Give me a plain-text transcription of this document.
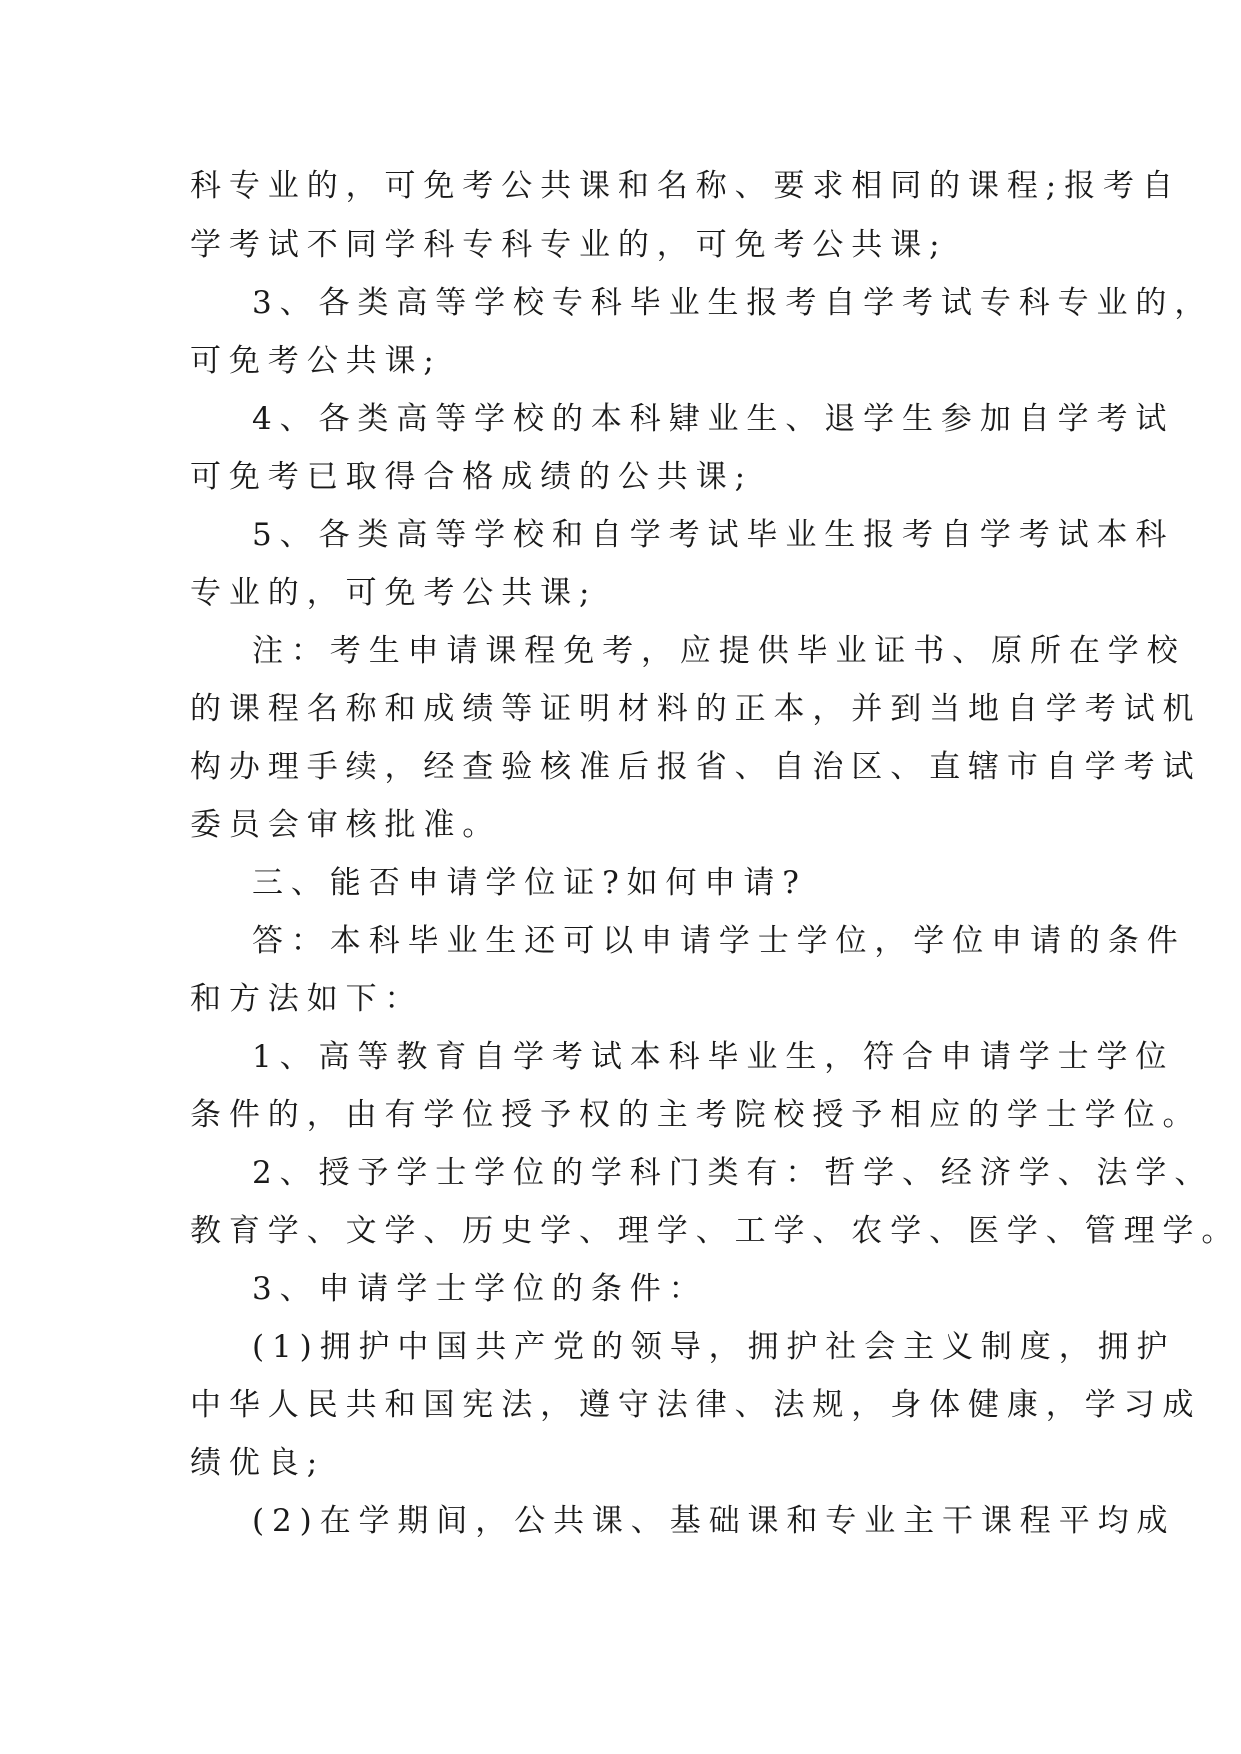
科专业的，可免考公共课和名称、要求相同的课程;报考自
学考试不同学科专科专业的，可免考公共课;
3、各类高等学校专科毕业生报考自学考试专科专业的，
可免考公共课;
4、各类高等学校的本科肄业生、退学生参加自学考试
可免考已取得合格成绩的公共课;
5、各类高等学校和自学考试毕业生报考自学考试本科
专业的，可免考公共课;
注：考生申请课程免考，应提供毕业证书、原所在学校
的课程名称和成绩等证明材料的正本，并到当地自学考试机
构办理手续，经查验核准后报省、自治区、直辖市自学考试
委员会审核批准。
三、能否申请学位证?如何申请?
答：本科毕业生还可以申请学士学位，学位申请的条件
和方法如下：
1、高等教育自学考试本科毕业生，符合申请学士学位
条件的，由有学位授予权的主考院校授予相应的学士学位。
2、授予学士学位的学科门类有：哲学、经济学、法学、
教育学、文学、历史学、理学、工学、农学、医学、管理学。
3、申请学士学位的条件：
(1)拥护中国共产党的领导，拥护社会主义制度，拥护
中华人民共和国宪法，遵守法律、法规，身体健康，学习成
绩优良;
(2)在学期间，公共课、基础课和专业主干课程平均成
